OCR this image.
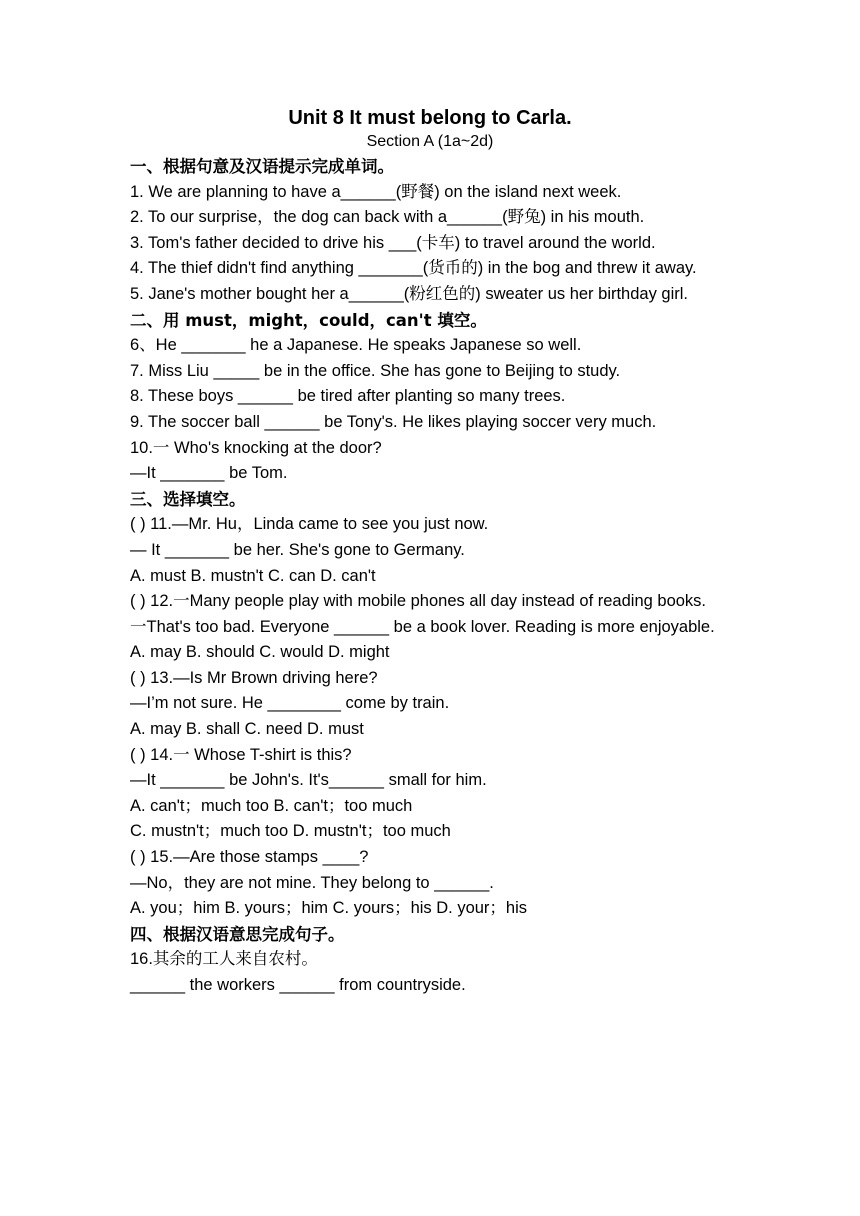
Unit 8 It must belong to Carla.

Section A (1a~2d)

一、根据句意及汉语提示完成单词。

1. We are planning to have a______(野餐) on the island next week.

2. To our surprise，the dog can back with a______(野兔) in his mouth.

3. Tom's father decided to drive his ___(卡车) to travel around the world.

4. The thief didn't find anything _______(货币的) in the bog and threw it away.

5. Jane's mother bought her a______(粉红色的) sweater us her birthday girl.

二、用 must，might，could，can't 填空。

6、He _______ he a Japanese. He speaks Japanese so well.

7. Miss Liu _____ be in the office. She has gone to Beijing to study.

8. These boys ______ be tired after planting so many trees.

9. The soccer ball ______ be Tony's. He likes playing soccer very much.

10.一 Who's knocking at the door?

—It _______ be Tom.

三、选择填空。

( ) 11.—Mr. Hu，Linda came to see you just now.

— It _______ be her. She's gone to Germany.

A. must B. mustn't C. can D. can't

( ) 12.一Many people play with mobile phones all day instead of reading books.

一That's too bad. Everyone ______ be a book lover. Reading is more enjoyable.

A. may B. should C. would D. might

( ) 13.—Is Mr Brown driving here?

—I’m not sure. He ________ come by train.

A. may B. shall C. need D. must

( ) 14.一 Whose T-shirt is this?

—It _______ be John's. It's______ small for him.

A. can't；much too B. can't；too much

C. mustn't；much too D. mustn't；too much

( ) 15.—Are those stamps ____?

—No，they are not mine. They belong to ______.

A. you；him B. yours；him C. yours；his D. your；his

四、根据汉语意思完成句子。

16.其余的工人来自农村。

______ the workers ______ from countryside.
